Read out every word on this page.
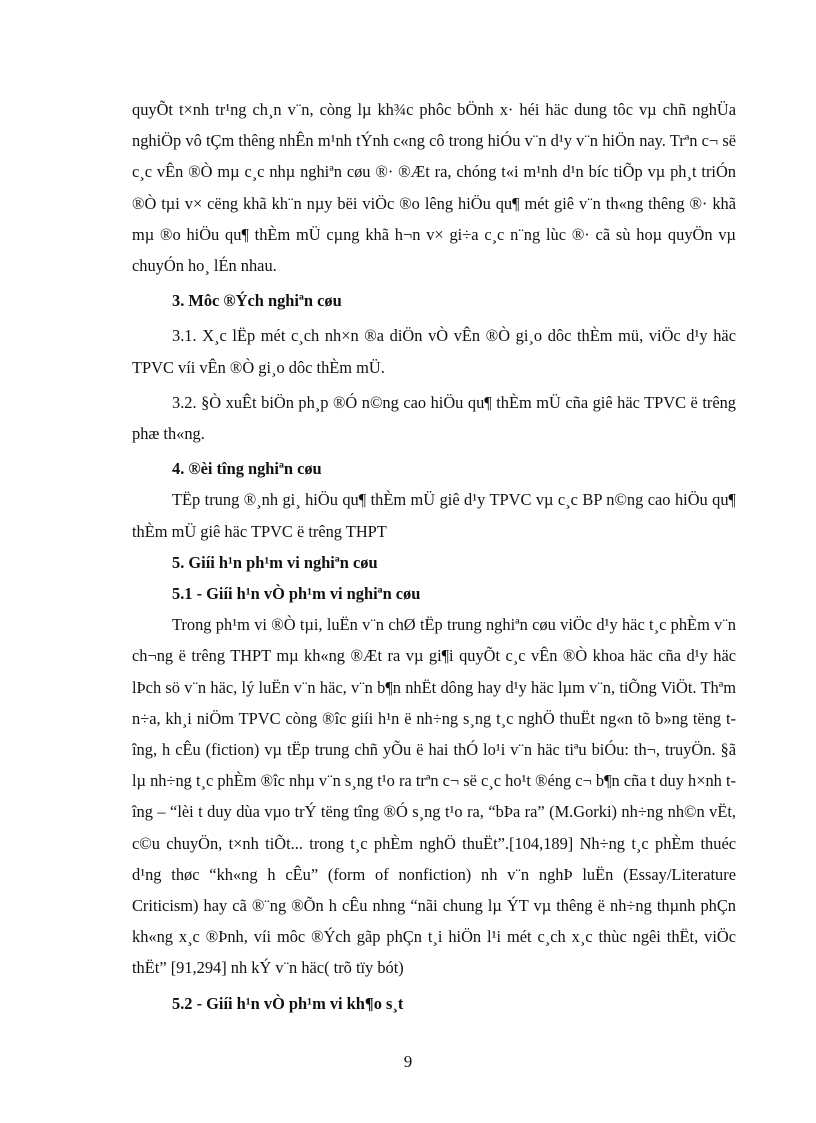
quyÕt t×nh tr¹ng ch¸n v¨n, còng lµ kh¾c phôc bÖnh x· héi häc dung tôc vµ chñ nghÜa nghiÖp vô tÇm thêng nhÊn m¹nh tÝnh c«ng cô trong hiÓu v¨n d¹y v¨n hiÖn nay. Trªn c¬ së c¸c vÊn ®Ò mµ c¸c nhµ nghiªn cøu ®· ®Æt ra, chóng t«i m¹nh d¹n bíc tiÕp vµ ph¸t triÓn ®Ò tµi v× cëng khã kh¨n nµy bëi viÖc ®o lêng hiÖu qu¶ mét giê v¨n th«ng thêng ®· khã mµ ®o hiÖu qu¶ thÈm mÜ cµng khã h¬n v× gi÷a c¸c n¨ng lùc ®· cã sù hoµ quyÖn vµ chuyÓn ho¸ lÉn nhau.

3. Môc ®Ých nghiªn cøu

3.1. X¸c lËp mét c¸ch nh×n ®a diÖn vÒ vÊn ®Ò gi¸o dôc thÈm mü, viÖc d¹y häc TPVC víi vÊn ®Ò gi¸o dôc thÈm mÜ.

3.2. §Ò xuÊt biÖn ph¸p ®Ó n©ng cao hiÖu qu¶ thÈm mÜ cña giê häc TPVC ë trêng phæ th«ng.

4. ®èi tîng nghiªn cøu

TËp trung ®¸nh gi¸ hiÖu qu¶ thÈm mÜ giê d¹y TPVC vµ c¸c BP n©ng cao hiÖu qu¶ thÈm mÜ giê häc TPVC ë trêng THPT

5. Giíi h¹n ph¹m vi nghiªn cøu

5.1 - Giíi h¹n vÒ ph¹m vi nghiªn cøu

Trong ph¹m vi ®Ò tµi, luËn v¨n chØ tËp trung nghiªn cøu viÖc d¹y häc t¸c phÈm v¨n ch¬ng ë trêng THPT mµ kh«ng ®Æt ra vµ gi¶i quyÕt c¸c vÊn ®Ò khoa häc cña d¹y häc lÞch sö v¨n häc, lý luËn v¨n häc, v¨n b¶n nhËt dông hay d¹y häc lµm v¨n, tiÕng ViÖt. Thªm n÷a, kh¸i niÖm TPVC còng ®îc giíi h¹n ë nh÷ng s¸ng t¸c nghÖ thuËt ng«n tõ b»ng tëng tîng, h cÊu (fiction) vµ tËp trung chñ yÕu ë hai thÓ lo¹i v¨n häc tiªu biÓu: th¬, truyÖn. §ã lµ nh÷ng t¸c phÈm ®îc nhµ v¨n s¸ng t¹o ra trªn c¬ së c¸c ho¹t ®éng c¬ b¶n cña t duy h×nh tîng – “lèi t duy dùa vµo trÝ tëng tîng ®Ó s¸ng t¹o ra, “bÞa ra” (M.Gorki) nh÷ng nh©n vËt, c©u chuyÖn, t×nh tiÕt... trong t¸c phÈm nghÖ thuËt”.[104,189] Nh÷ng t¸c phÈm thuéc d¹ng thøc “kh«ng h cÊu” (form of nonfiction) nh v¨n nghÞ luËn (Essay/Literature Criticism) hay cã ®¨ng ®Õn h cÊu nhng “nãi chung lµ ÝT vµ thêng ë nh÷ng thµnh phÇn kh«ng x¸c ®Þnh, víi môc ®Ých gãp phÇn t¸i hiÖn l¹i mét c¸ch x¸c thùc ngêi thËt, viÖc thËt” [91,294] nh kÝ v¨n häc( trõ tïy bót)

5.2 - Giíi h¹n vÒ ph¹m vi kh¶o s¸t

9
